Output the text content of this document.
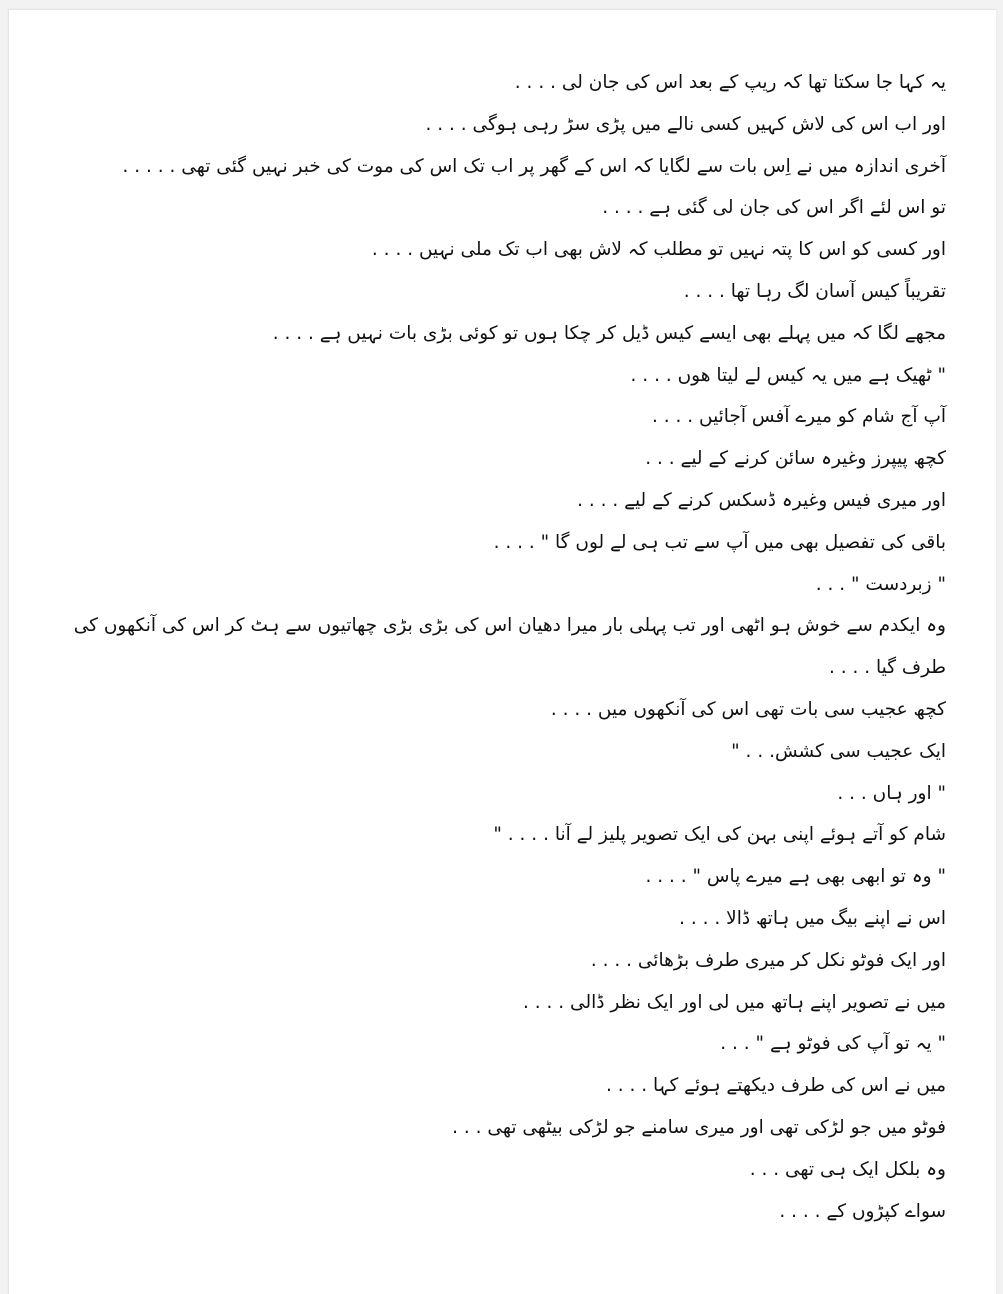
یہ کہا جا سکتا تھا کہ ریپ کے بعد اس کی جان لی . . . .

اور اب اس کی لاش کہیں کسی نالے میں پڑی سڑ رہی ہوگی . . . .

آخری اندازہ میں نے اِس بات سے لگایا کہ اس کے گھر پر اب تک اس کی موت کی خبر نہیں گئی تھی . . . . .

تو اس لئے اگر اس کی جان لی گئی ہے . . . .

اور کسی کو اس کا پتہ نہیں تو مطلب کہ لاش بھی اب تک ملی نہیں . . . .

تقریباً کیس آسان لگ رہا تھا . . . .

مجھے لگا کہ میں پہلے بھی ایسے کیس ڈیل کر چکا ہوں تو کوئی بڑی بات نہیں ہے . . . .

" ٹھیک ہے میں یہ کیس لے لیتا ھوں . . . .

آپ آج شام کو میرے آفس آجائیں . . . .

کچھ پیپرز وغیرہ سائن کرنے کے لیے . . .

اور میری فیس وغیرہ ڈسکس کرنے کے لیے . . . .

باقی کی تفصیل بھی میں آپ سے تب ہی لے لوں گا " . . . .

" زبردست " . . .

وہ ایکدم سے خوش ہو اٹھی اور تب پہلی بار میرا دھیان اس کی بڑی بڑی چھاتیوں سے ہٹ کر اس کی آنکھوں کی طرف گیا . . . .

کچھ عجیب سی بات تھی اس کی آنکھوں میں . . . .

ایک عجیب سی کشش. . . "

" اور ہاں . . .

شام کو آتے ہوئے اپنی بہن کی ایک تصویر پلیز لے آنا . . . . "

" وہ تو ابھی بھی ہے میرے پاس " . . . .

اس نے اپنے بیگ میں ہاتھ ڈالا . . . .

اور ایک فوٹو نکل کر میری طرف بڑھائی . . . .

میں نے تصویر اپنے ہاتھ میں لی اور ایک نظر ڈالی . . . .

" یہ تو آپ کی فوٹو ہے " . . .

میں نے اس کی طرف دیکھتے ہوئے کہا . . . .

فوٹو میں جو لڑکی تھی اور میری سامنے جو لڑکی بیٹھی تھی . . .

وہ بلکل ایک ہی تھی . . .

سواے کپڑوں کے . . . .
